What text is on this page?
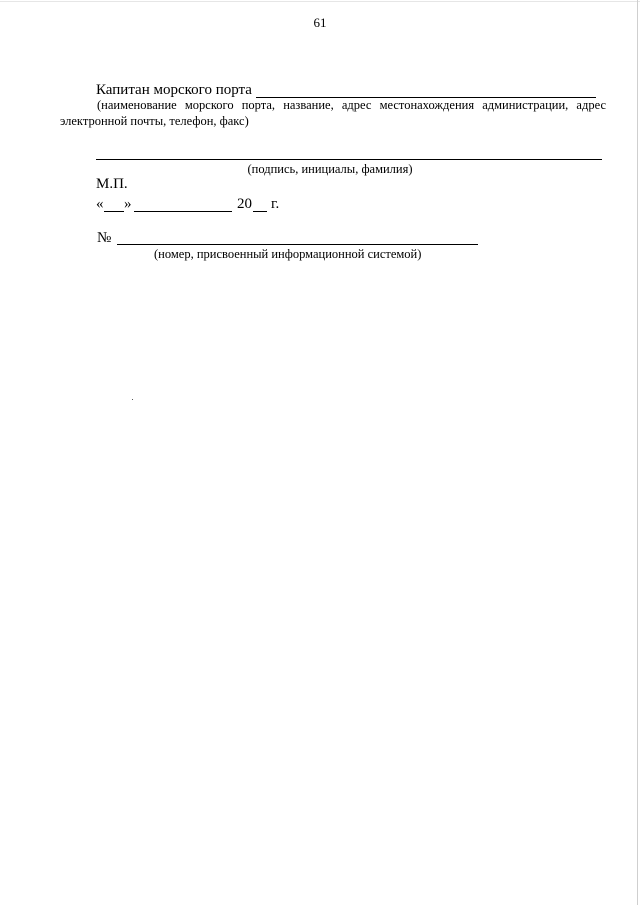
61
Капитан морского порта
(наименование морского порта, название, адрес местонахождения администрации, адрес электронной почты, телефон, факс)
(подпись, инициалы, фамилия)
М.П.
« »	20 г.
№
(номер, присвоенный информационной системой)
